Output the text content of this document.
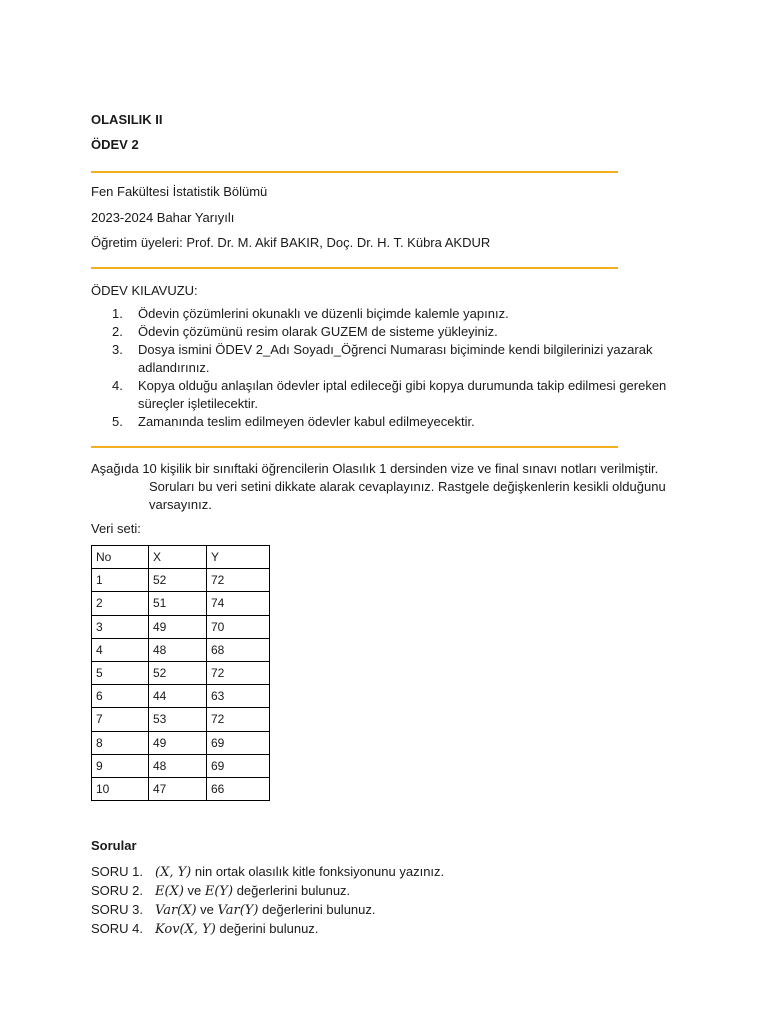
OLASILIK II
ÖDEV 2
Fen Fakültesi İstatistik Bölümü
2023-2024 Bahar Yarıyılı
Öğretim üyeleri: Prof. Dr. M. Akif BAKIR, Doç. Dr. H. T. Kübra AKDUR
ÖDEV KILAVUZU:
1. Ödevin çözümlerini okunaklı ve düzenli biçimde kalemle yapınız.
2. Ödevin çözümünü resim olarak GUZEM de sisteme yükleyiniz.
3. Dosya ismini ÖDEV 2_Adı Soyadı_Öğrenci Numarası biçiminde kendi bilgilerinizi yazarak adlandırınız.
4. Kopya olduğu anlaşılan ödevler iptal edileceği gibi kopya durumunda takip edilmesi gereken süreçler işletilecektir.
5. Zamanında teslim edilmeyen ödevler kabul edilmeyecektir.
Aşağıda 10 kişilik bir sınıftaki öğrencilerin Olasılık 1 dersinden vize ve final sınavı notları verilmiştir. Soruları bu veri setini dikkate alarak cevaplayınız. Rastgele değişkenlerin kesikli olduğunu varsayınız.
Veri seti:
No	X	Y
1	52	72
2	51	74
3	49	70
4	48	68
5	52	72
6	44	63
7	53	72
8	49	69
9	48	69
10	47	66
Sorular
SORU 1. (X, Y) nin ortak olasılık kitle fonksiyonunu yazınız.
SORU 2. E(X) ve E(Y) değerlerini bulunuz.
SORU 3. Var(X) ve Var(Y) değerlerini bulunuz.
SORU 4. Kov(X, Y) değerini bulunuz.
